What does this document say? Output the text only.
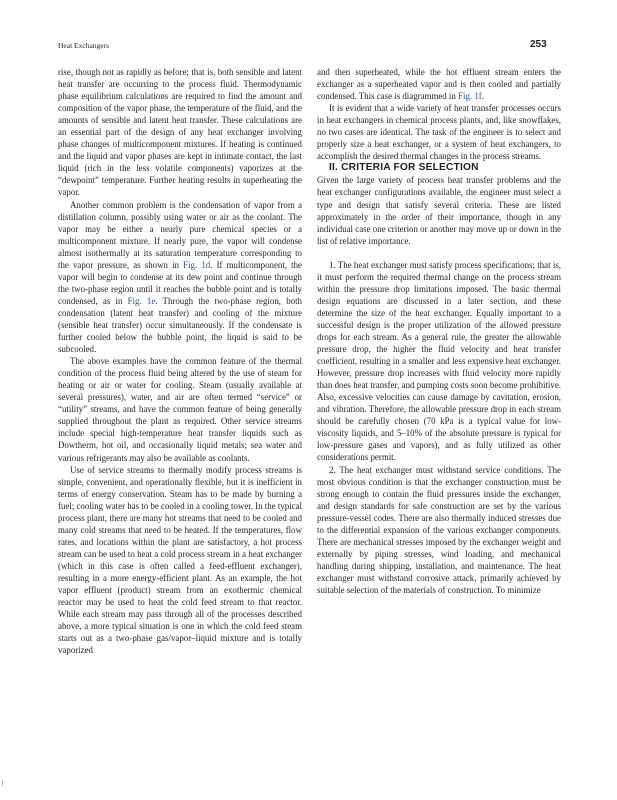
Heat Exchangers	253

rise, though not as rapidly as before; that is, both sensible and latent heat transfer are occurring to the process fluid. Thermodynamic phase equilibrium calculations are required to find the amount and composition of the vapor phase, the temperature of the fluid, and the amounts of sensible and latent heat transfer. These calculations are an essential part of the design of any heat exchanger involving phase changes of multicomponent mixtures. If heating is continued and the liquid and vapor phases are kept in intimate contact, the last liquid (rich in the less volatile components) vaporizes at the “dewpoint” temperature. Further heating results in superheating the vapor.

Another common problem is the condensation of vapor from a distillation column, possibly using water or air as the coolant. The vapor may be either a nearly pure chemical species or a multicomponent mixture. If nearly pure, the vapor will condense almost isothermally at its saturation temperature corresponding to the vapor pressure, as shown in Fig. 1d. If multicomponent, the vapor will begin to condense at its dew point and continue through the two-phase region until it reaches the bubble point and is totally condensed, as in Fig. 1e. Through the two-phase region, both condensation (latent heat transfer) and cooling of the mixture (sensible heat transfer) occur simultaneously. If the condensate is further cooled below the bubble point, the liquid is said to be subcooled.

The above examples have the common feature of the thermal condition of the process fluid being altered by the use of steam for heating or air or water for cooling. Steam (usually available at several pressures), water, and air are often termed “service” or “utility” streams, and have the common feature of being generally supplied throughout the plant as required. Other service streams include special high-temperature heat transfer liquids such as Dowtherm, hot oil, and occasionally liquid metals; sea water and various refrigerants may also be available as coolants.

Use of service streams to thermally modify process streams is simple, convenient, and operationally flexible, but it is inefficient in terms of energy conservation. Steam has to be made by burning a fuel; cooling water has to be cooled in a cooling tower. In the typical process plant, there are many hot streams that need to be cooled and many cold streams that need to be heated. If the temperatures, flow rates, and locations within the plant are satisfactory, a hot process stream can be used to heat a cold process stream in a heat exchanger (which in this case is often called a feed-effluent exchanger), resulting in a more energy-efficient plant. As an example, the hot vapor effluent (product) stream from an exothermic chemical reactor may be used to heat the cold feed stream to that reactor. While each stream may pass through all of the processes described above, a more typical situation is one in which the cold feed steam starts out as a two-phase gas/vapor–liquid mixture and is totally vaporized

and then superheated, while the hot effluent stream enters the exchanger as a superheated vapor and is then cooled and partially condensed. This case is diagrammed in Fig. 1f.

It is evident that a wide variety of heat transfer processes occurs in heat exchangers in chemical process plants, and, like snowflakes, no two cases are identical. The task of the engineer is to select and properly size a heat exchanger, or a system of heat exchangers, to accomplish the desired thermal changes in the process streams.

II. CRITERIA FOR SELECTION

Given the large variety of process heat transfer problems and the heat exchanger configurations available, the engineer must select a type and design that satisfy several criteria. These are listed approximately in the order of their importance, though in any individual case one criterion or another may move up or down in the list of relative importance.

1. The heat exchanger must satisfy process specifications; that is, it must perform the required thermal change on the process stream within the pressure drop limitations imposed. The basic thermal design equations are discussed in a later section, and these determine the size of the heat exchanger. Equally important to a successful design is the proper utilization of the allowed pressure drops for each stream. As a general rule, the greater the allowable pressure drop, the higher the fluid velocity and heat transfer coefficient, resulting in a smaller and less expensive heat exchanger. However, pressure drop increases with fluid velocity more rapidly than does heat transfer, and pumping costs soon become prohibitive. Also, excessive velocities can cause damage by cavitation, erosion, and vibration. Therefore, the allowable pressure drop in each stream should be carefully chosen (70 kPa is a typical value for low-viscosity liquids, and 5–10% of the absolute pressure is typical for low-pressure gases and vapors), and as fully utilized as other considerations permit.

2. The heat exchanger must withstand service conditions. The most obvious condition is that the exchanger construction must be strong enough to contain the fluid pressures inside the exchanger, and design standards for safe construction are set by the various pressure-vessel codes. There are also thermally induced stresses due to the differential expansion of the various exchanger components. There are mechanical stresses imposed by the exchanger weight and externally by piping stresses, wind loading, and mechanical handling during shipping, installation, and maintenance. The heat exchanger must withstand corrosive attack, primarily achieved by suitable selection of the materials of construction. To minimize
